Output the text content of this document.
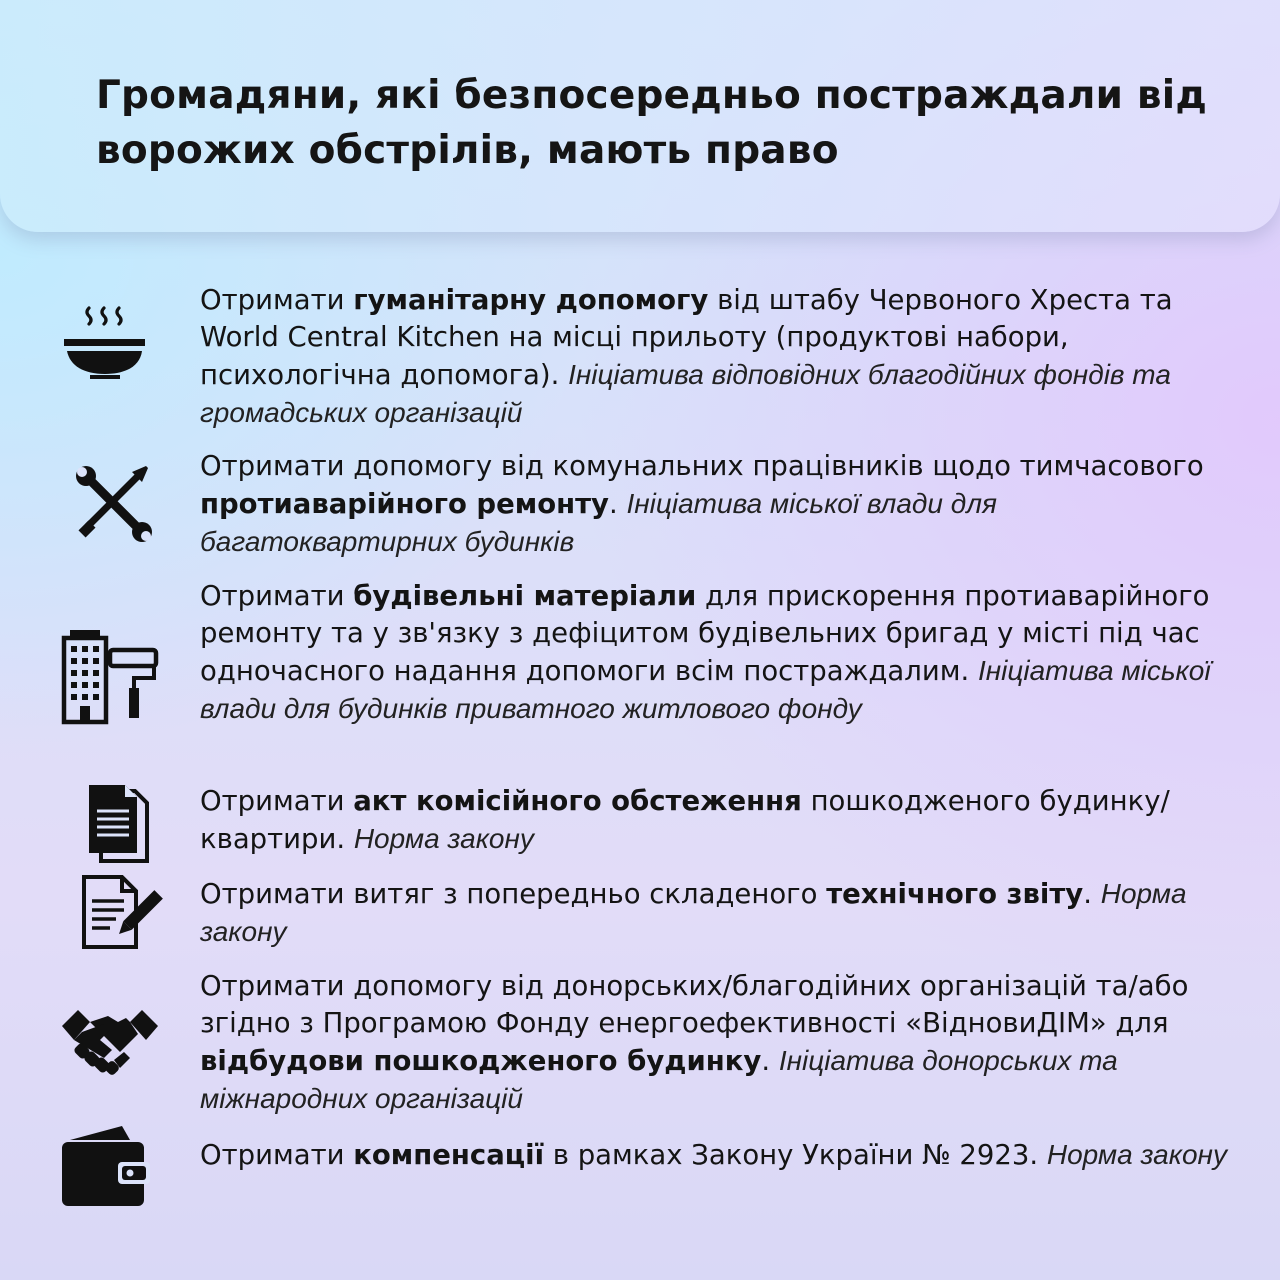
Громадяни, які безпосередньо постраждали від ворожих обстрілів, мають право
Отримати гуманітарну допомогу від штабу Червоного Хреста та World Central Kitchen на місці прильоту (продуктові набори, психологічна допомога). Ініціатива відповідних благодійних фондів та громадських організацій
Отримати допомогу від комунальних працівників щодо тимчасового протиаварійного ремонту. Ініціатива міської влади для багатоквартирних будинків
Отримати будівельні матеріали для прискорення протиаварійного ремонту та у зв'язку з дефіцитом будівельних бригад у місті під час одночасного надання допомоги всім постраждалим. Ініціатива міської влади для будинків приватного житлового фонду
Отримати акт комісійного обстеження пошкодженого будинку/квартири. Норма закону
Отримати витяг з попередньо складеного технічного звіту. Норма закону
Отримати допомогу від донорських/благодійних організацій та/або згідно з Програмою Фонду енергоефективності «ВідновиДІМ» для відбудови пошкодженого будинку. Ініціатива донорських та міжнародних організацій
Отримати компенсації в рамках Закону України № 2923. Норма закону
